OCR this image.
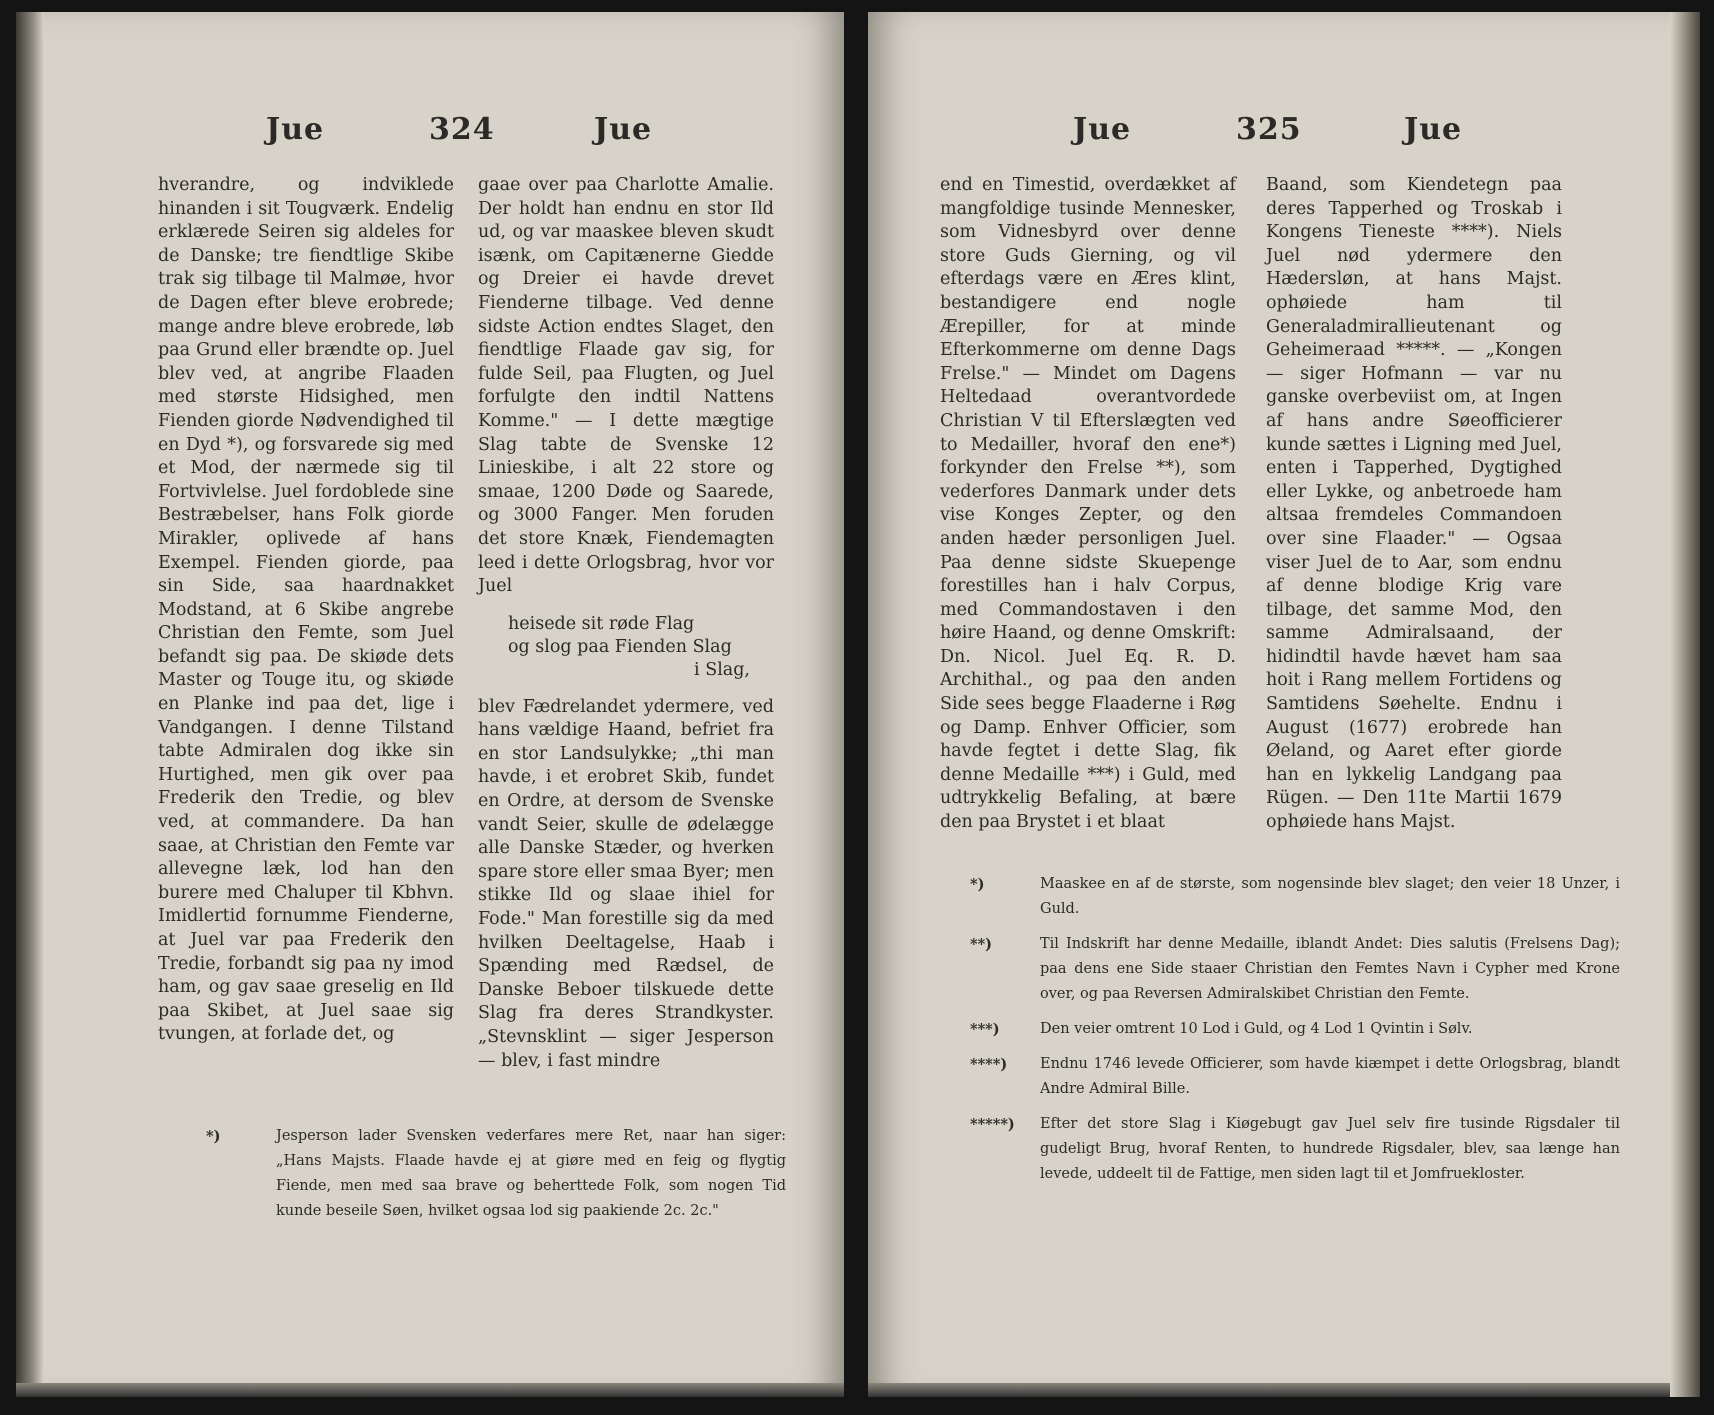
Jue	324	Jue

hverandre, og indviklede hinanden i sit Tougværk. Endelig erklærede Seiren sig aldeles for de Danske; tre fiendtlige Skibe trak sig tilbage til Malmøe, hvor de Dagen efter bleve erobrede; mange andre bleve erobrede, løb paa Grund eller brændte op. Juel blev ved, at angribe Flaaden med største Hidsighed, men Fienden giorde Nødvendighed til en Dyd *), og forsvarede sig med et Mod, der nærmede sig til Fortvivlelse. Juel fordoblede sine Bestræbelser, hans Folk giorde Mirakler, oplivede af hans Exempel. Fienden giorde, paa sin Side, saa haardnakket Modstand, at 6 Skibe angrebe Christian den Femte, som Juel befandt sig paa. De skiøde dets Master og Touge itu, og skiøde en Planke ind paa det, lige i Vandgangen. I denne Tilstand tabte Admiralen dog ikke sin Hurtighed, men gik over paa Frederik den Tredie, og blev ved, at commandere. Da han saae, at Christian den Femte var allevegne læk, lod han den burere med Chaluper til Kbhvn. Imidlertid fornumme Fienderne, at Juel var paa Frederik den Tredie, forbandt sig paa ny imod ham, og gav saae greselig en Ild paa Skibet, at Juel saae sig tvungen, at forlade det, og

gaae over paa Charlotte Amalie. Der holdt han endnu en stor Ild ud, og var maaskee bleven skudt isænk, om Capitænerne Giedde og Dreier ei havde drevet Fienderne tilbage. Ved denne sidste Action endtes Slaget, den fiendtlige Flaade gav sig, for fulde Seil, paa Flugten, og Juel forfulgte den indtil Nattens Komme." — I dette mægtige Slag tabte de Svenske 12 Linieskibe, i alt 22 store og smaae, 1200 Døde og Saarede, og 3000 Fanger. Men foruden det store Knæk, Fiendemagten leed i dette Orlogsbrag, hvor vor Juel

heisede sit røde Flag
og slog paa Fienden Slag
i Slag,

blev Fædrelandet ydermere, ved hans vældige Haand, befriet fra en stor Landsulykke; „thi man havde, i et erobret Skib, fundet en Ordre, at dersom de Svenske vandt Seier, skulle de ødelægge alle Danske Stæder, og hverken spare store eller smaa Byer; men stikke Ild og slaae ihiel for Fode." Man forestille sig da med hvilken Deeltagelse, Haab i Spænding med Rædsel, de Danske Beboer tilskuede dette Slag fra deres Strandkyster. „Stevnsklint — siger Jesperson — blev, i fast mindre

*)	Jesperson lader Svensken vederfares mere Ret, naar han siger: „Hans Majsts. Flaade havde ej at giøre med en feig og flygtig Fiende, men med saa brave og beherttede Folk, som nogen Tid kunde beseile Søen, hvilket ogsaa lod sig paakiende 2c. 2c."
Jue	325	Jue

end en Timestid, overdækket af mangfoldige tusinde Mennesker, som Vidnesbyrd over denne store Guds Gierning, og vil efterdags være en Æres klint, bestandigere end nogle Ærepiller, for at minde Efterkommerne om denne Dags Frelse." — Mindet om Dagens Heltedaad overantvordede Christian V til Efterslægten ved to Medailler, hvoraf den ene*) forkynder den Frelse **), som vederfores Danmark under dets vise Konges Zepter, og den anden hæder personligen Juel. Paa denne sidste Skuepenge forestilles han i halv Corpus, med Commandostaven i den høire Haand, og denne Omskrift: Dn. Nicol. Juel Eq. R. D. Archithal., og paa den anden Side sees begge Flaaderne i Røg og Damp. Enhver Officier, som havde fegtet i dette Slag, fik denne Medaille ***) i Guld, med udtrykkelig Befaling, at bære den paa Brystet i et blaat

Baand, som Kiendetegn paa deres Tapperhed og Troskab i Kongens Tieneste ****). Niels Juel nød ydermere den Hædersløn, at hans Majst. ophøiede ham til Generaladmirallieutenant og Geheimeraad *****. — „Kongen — siger Hofmann — var nu ganske overbeviist om, at Ingen af hans andre Søeofficierer kunde sættes i Ligning med Juel, enten i Tapperhed, Dygtighed eller Lykke, og anbetroede ham altsaa fremdeles Commandoen over sine Flaader." — Ogsaa viser Juel de to Aar, som endnu af denne blodige Krig vare tilbage, det samme Mod, den samme Admiralsaand, der hidindtil havde hævet ham saa hoit i Rang mellem Fortidens og Samtidens Søehelte. Endnu i August (1677) erobrede han Øeland, og Aaret efter giorde han en lykkelig Landgang paa Rügen. — Den 11te Martii 1679 ophøiede hans Majst.

*)	Maaskee en af de største, som nogensinde blev slaget; den veier 18 Unzer, i Guld.
**)	Til Indskrift har denne Medaille, iblandt Andet: Dies salutis (Frelsens Dag); paa dens ene Side staaer Christian den Femtes Navn i Cypher med Krone over, og paa Reversen Admiralskibet Christian den Femte.
***)	Den veier omtrent 10 Lod i Guld, og 4 Lod 1 Qvintin i Sølv.
****) Endnu 1746 levede Officierer, som havde kiæmpet i dette Orlogsbrag, blandt Andre Admiral Bille.
*****) Efter det store Slag i Kiøgebugt gav Juel selv fire tusinde Rigsdaler til gudeligt Brug, hvoraf Renten, to hundrede Rigsdaler, blev, saa længe han levede, uddeelt til de Fattige, men siden lagt til et Jomfruekloster.
